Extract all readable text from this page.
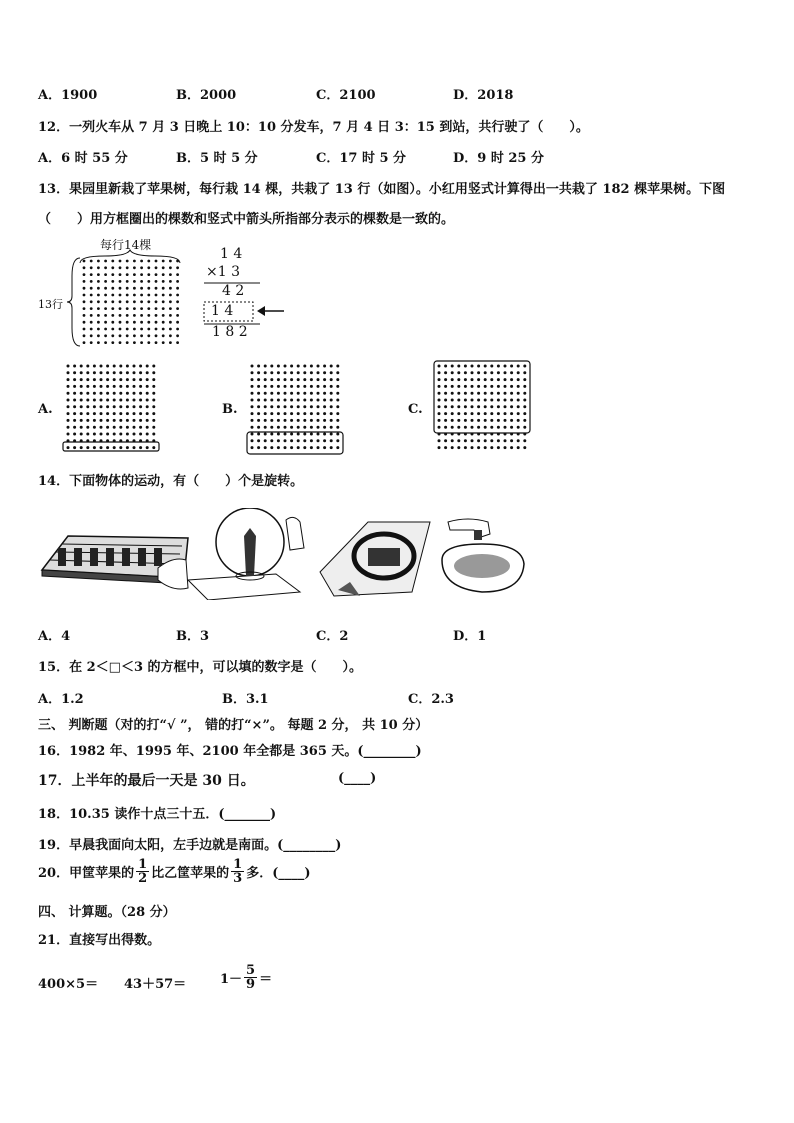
A．1900	B．2000	C．2100	D．2018
12．一列火车从 7 月 3 日晚上 10：10 分发车，7 月 4 日 3：15 到站，共行驶了（　　）。
A．6 时 55 分	B．5 时 5 分	C．17 时 5 分	D．9 时 25 分
13．果园里新栽了苹果树，每行栽 14 棵，共栽了 13 行（如图）。小红用竖式计算得出一共栽了 182 棵苹果树。下图
（　　）用方框圈出的棵数和竖式中箭头所指部分表示的棵数是一致的。
每行14棵
13行
1 4
×1 3
4 2
1 4
1 8 2
A.	B.	C.
14．下面物体的运动，有（　　）个是旋转。
A．4	B．3	C．2	D．1
15．在 2＜□＜3 的方框中，可以填的数字是（　　）。
A．1.2	B．3.1	C．2.3
三、 判断题（对的打“√ ”， 错的打“×”。 每题 2 分， 共 10 分）
16．1982 年、1995 年、2100 年全都是 365 天。(________)
17．上半年的最后一天是 30 日。	(____)
18．10.35 读作十点三十五．(_______)
19．早晨我面向太阳，左手边就是南面。(________)
20．甲筐苹果的 $\frac{1}{2}$ 比乙筐苹果的 $\frac{1}{3}$ 多．(____)
四、 计算题。（28 分）
21．直接写出得数。
400×5＝ 43＋57＝	$1- \frac{5}{9}$ ＝
